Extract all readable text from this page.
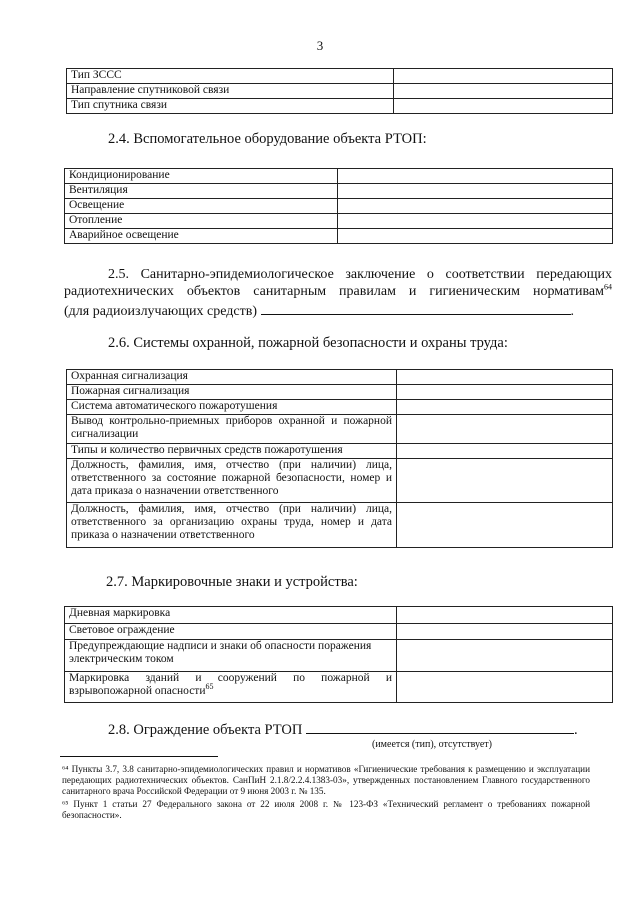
3
Тип ЗССС	
Направление спутниковой связи	
Тип спутника связи	
2.4. Вспомогательное оборудование объекта РТОП:
Кондиционирование	
Вентиляция	
Освещение	
Отопление	
Аварийное освещение	
2.5. Санитарно-эпидемиологическое заключение о соответствии передающих
радиотехнических объектов санитарным правилам и гигиеническим нормативам$^{64}$
(для радиоизлучающих средств)	.
2.6. Системы охранной, пожарной безопасности и охраны труда:
Охранная сигнализация	
Пожарная сигнализация	
Система автоматического пожаротушения	
Вывод контрольно-приемных приборов охранной и пожарной сигнализации	
Типы и количество первичных средств пожаротушения	
Должность, фамилия, имя, отчество (при наличии) лица, ответственного за состояние пожарной безопасности, номер и дата приказа о назначении ответственного	
Должность, фамилия, имя, отчество (при наличии) лица, ответственного за организацию охраны труда, номер и дата приказа о назначении ответственного	
2.7. Маркировочные знаки и устройства:
Дневная маркировка	
Световое ограждение	
Предупреждающие надписи и знаки об опасности поражения электрическим током	
Маркировка зданий и сооружений по пожарной и взрывопожарной опасности$^{65}$	
2.8. Ограждение объекта РТОП	.
(имеется (тип), отсутствует)
⁶⁴ Пункты 3.7, 3.8 санитарно-эпидемиологических правил и нормативов «Гигиенические требования к размещению и эксплуатации передающих радиотехнических объектов. СанПиН 2.1.8/2.2.4.1383-03», утвержденных постановлением Главного государственного санитарного врача Российской Федерации от 9 июня 2003 г. № 135.
⁶⁵ Пункт 1 статьи 27 Федерального закона от 22 июля 2008 г. № 123-ФЗ «Технический регламент о требованиях пожарной безопасности».
